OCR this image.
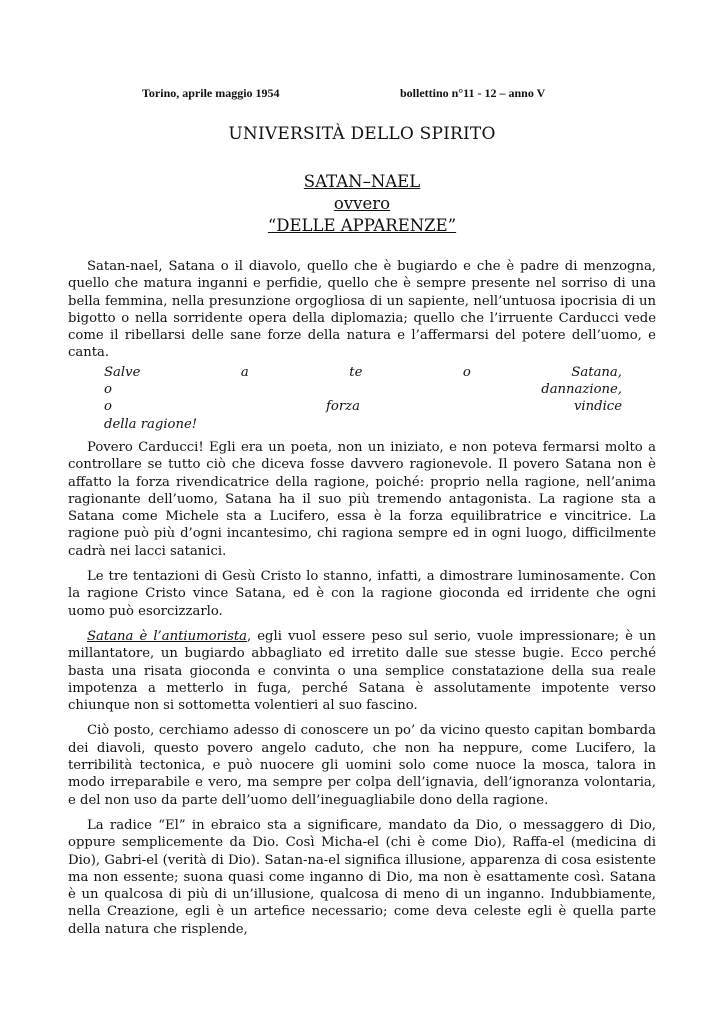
Torino, aprile maggio 1954	bollettino n°11 - 12 – anno V
UNIVERSITÀ DELLO SPIRITO
SATAN–NAEL
ovvero
“DELLE APPARENZE”

Satan-nael, Satana o il diavolo, quello che è bugiardo e che è padre di menzogna, quello che matura inganni e perfidie, quello che è sempre presente nel sorriso di una bella femmina, nella presunzione orgogliosa di un sapiente, nell’untuosa ipocrisia di un bigotto o nella sorridente opera della diplomazia; quello che l’irruente Carducci vede come il ribellarsi delle sane forze della natura e l’affermarsi del potere dell’uomo, e canta.

Salve	a	te	o	Satana,
o	dannazione,
o	forza	vindice
della ragione!

Povero Carducci! Egli era un poeta, non un iniziato, e non poteva fermarsi molto a controllare se tutto ciò che diceva fosse davvero ragionevole. Il povero Satana non è affatto la forza rivendicatrice della ragione, poiché: proprio nella ragione, nell’anima ragionante dell’uomo, Satana ha il suo più tremendo antagonista. La ragione sta a Satana come Michele sta a Lucifero, essa è la forza equilibratrice e vincitrice. La ragione può più d’ogni incantesimo, chi ragiona sempre ed in ogni luogo, difficilmente cadrà nei lacci satanici.

Le tre tentazioni di Gesù Cristo lo stanno, infatti, a dimostrare luminosamente. Con la ragione Cristo vince Satana, ed è con la ragione gioconda ed irridente che ogni uomo può esorcizzarlo.

Satana è l’antiumorista, egli vuol essere peso sul serio, vuole impressionare; è un millantatore, un bugiardo abbagliato ed irretito dalle sue stesse bugie. Ecco perché basta una risata gioconda e convinta o una semplice constatazione della sua reale impotenza a metterlo in fuga, perché Satana è assolutamente impotente verso chiunque non si sottometta volentieri al suo fascino.

Ciò posto, cerchiamo adesso di conoscere un po’ da vicino questo capitan bombarda dei diavoli, questo povero angelo caduto, che non ha neppure, come Lucifero, la terribilità tectonica, e può nuocere gli uomini solo come nuoce la mosca, talora in modo irreparabile e vero, ma sempre per colpa dell’ignavia, dell’ignoranza volontaria, e del non uso da parte dell’uomo dell’ineguagliabile dono della ragione.

La radice “El” in ebraico sta a significare, mandato da Dio, o messaggero di Dio, oppure semplicemente da Dio. Così Micha-el (chi è come Dio), Raffa-el (medicina di Dio), Gabri-el (verità di Dio). Satan-na-el significa illusione, apparenza di cosa esistente ma non essente; suona quasi come inganno di Dio, ma non è esattamente così. Satana è un qualcosa di più di un’illusione, qualcosa di meno di un inganno. Indubbiamente, nella Creazione, egli è un artefice necessario; come deva celeste egli è quella parte della natura che risplende,
